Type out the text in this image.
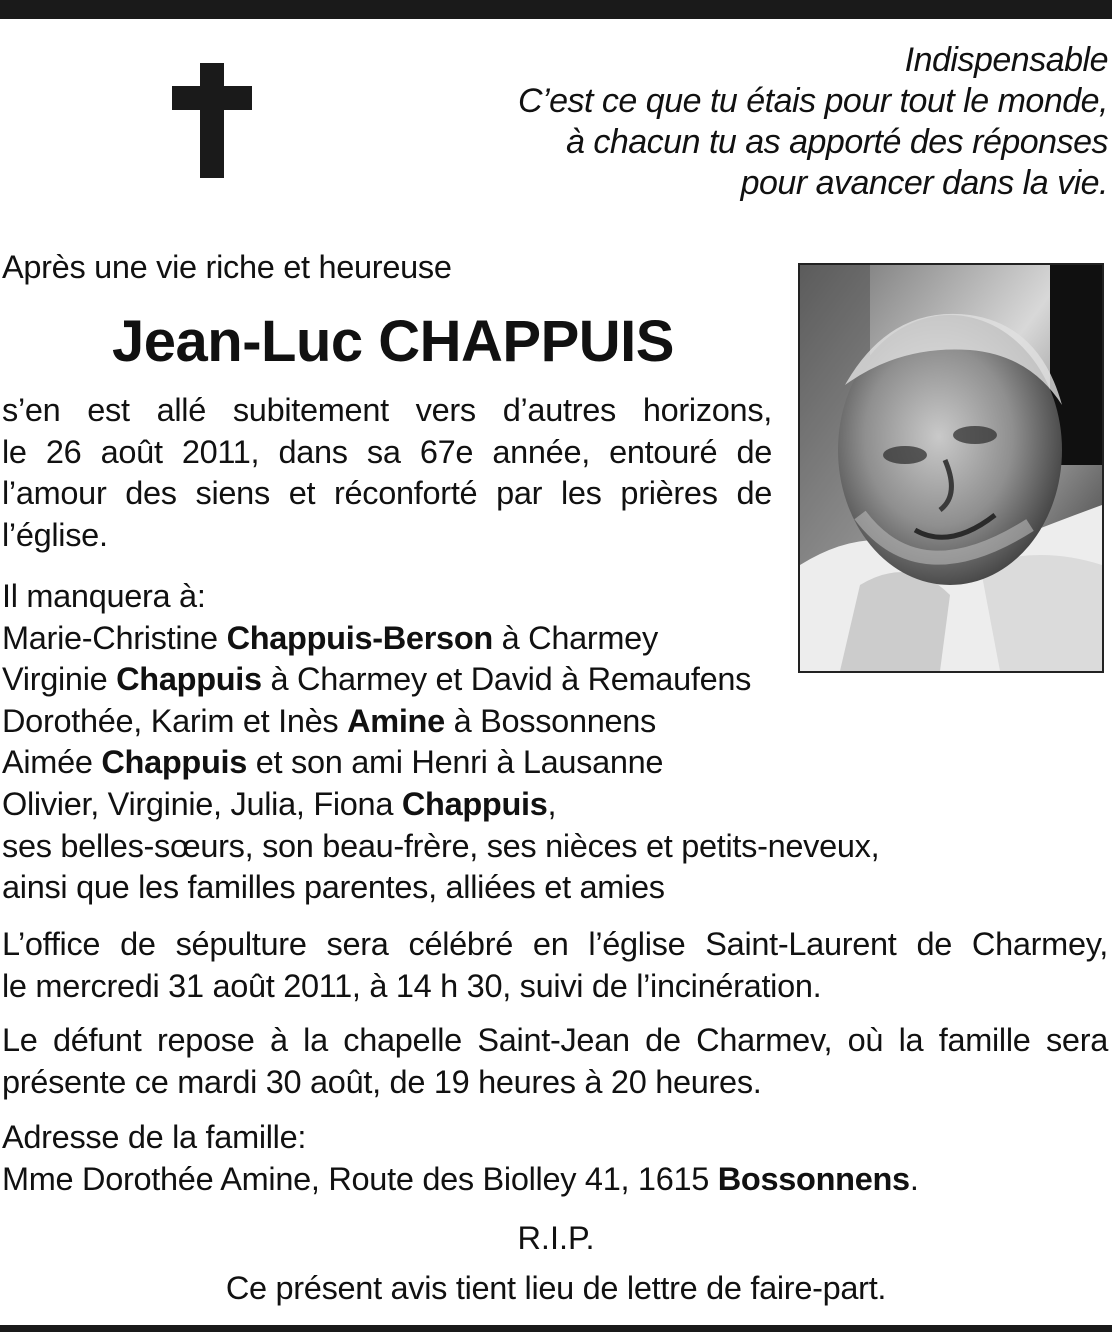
Indispensable
C’est ce que tu étais pour tout le monde,
à chacun tu as apporté des réponses
pour avancer dans la vie.
Après une vie riche et heureuse
Jean-Luc CHAPPUIS
s’en est allé subitement vers d’autres horizons,
le 26 août 2011, dans sa 67e année, entouré de
l’amour des siens et réconforté par les prières de
l’église.
Il manquera à:
Marie-Christine Chappuis-Berson à Charmey
Virginie Chappuis à Charmey et David à Remaufens
Dorothée, Karim et Inès Amine à Bossonnens
Aimée Chappuis et son ami Henri à Lausanne
Olivier, Virginie, Julia, Fiona Chappuis,
ses belles-sœurs, son beau-frère, ses nièces et petits-neveux,
ainsi que les familles parentes, alliées et amies
L’office de sépulture sera célébré en l’église Saint-Laurent de Charmey,
le mercredi 31 août 2011, à 14 h 30, suivi de l’incinération.
Le défunt repose à la chapelle Saint-Jean de Charmev, où la famille sera
présente ce mardi 30 août, de 19 heures à 20 heures.
Adresse de la famille:
Mme Dorothée Amine, Route des Biolley 41, 1615 Bossonnens.
R.I.P.
Ce présent avis tient lieu de lettre de faire-part.
